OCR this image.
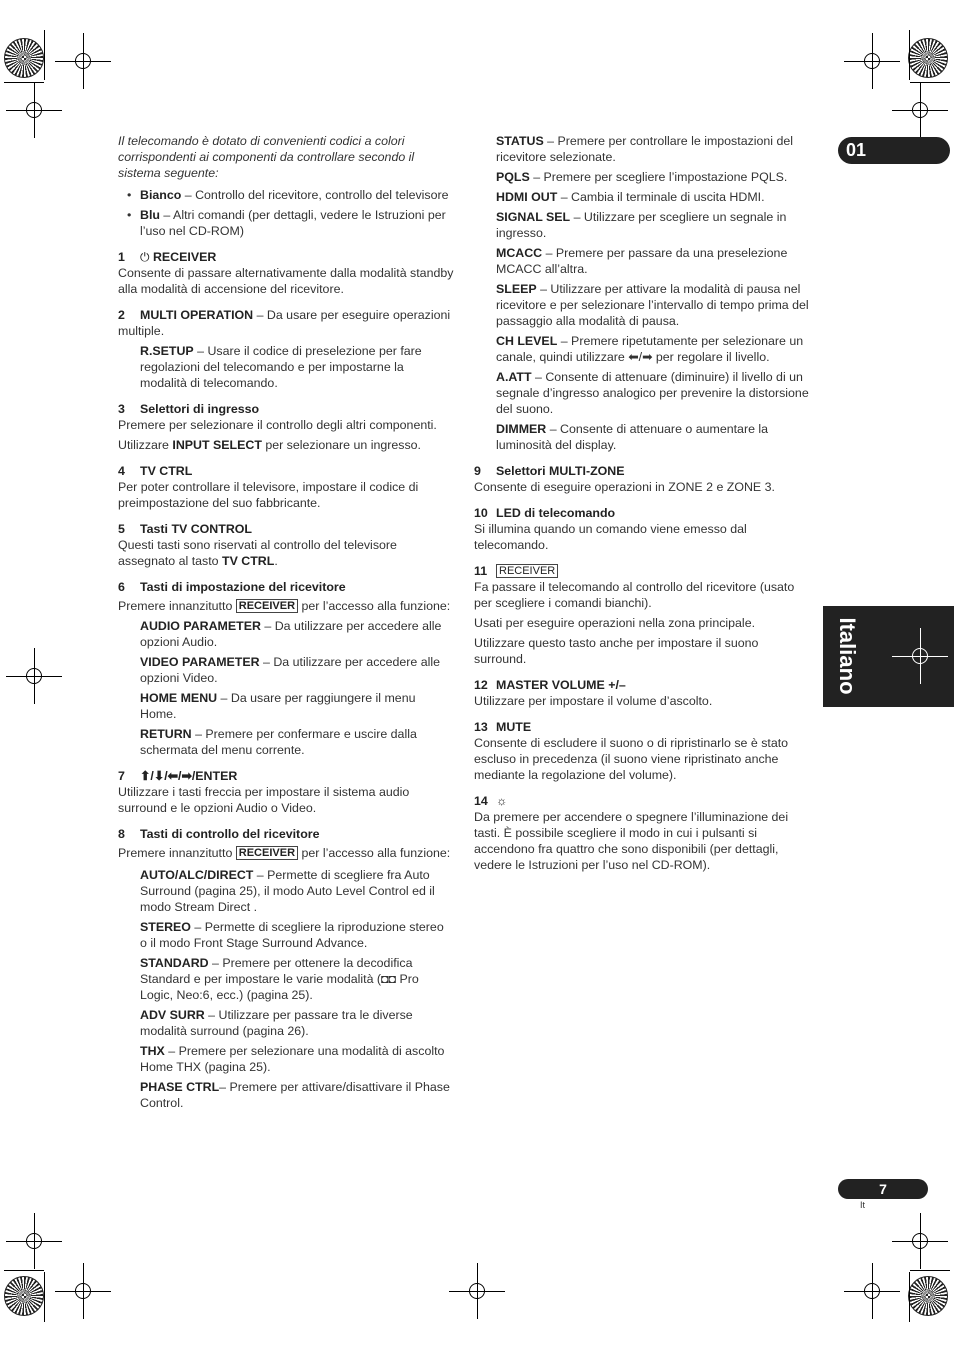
01
Italiano
7
It

Il telecomando è dotato di convenienti codici a colori corrispondenti ai componenti da controllare secondo il sistema seguente:

• Bianco – Controllo del ricevitore, controllo del televisore
• Blu – Altri comandi (per dettagli, vedere le Istruzioni per l’uso nel CD-ROM)
1 ⏻ RECEIVER

Consente di passare alternativamente dalla modalità standby alla modalità di accensione del ricevitore.

2 MULTI OPERATION – Da usare per eseguire operazioni multiple.

R.SETUP – Usare il codice di preselezione per fare regolazioni del telecomando e per impostarne la modalità di telecomando.

3 Selettori di ingresso

Premere per selezionare il controllo degli altri componenti.

Utilizzare INPUT SELECT per selezionare un ingresso.

4 TV CTRL

Per poter controllare il televisore, impostare il codice di preimpostazione del suo fabbricante.

5 Tasti TV CONTROL

Questi tasti sono riservati al controllo del televisore assegnato al tasto TV CTRL.

6 Tasti di impostazione del ricevitore

Premere innanzitutto RECEIVER per l’accesso alla funzione:

AUDIO PARAMETER – Da utilizzare per accedere alle opzioni Audio.

VIDEO PARAMETER – Da utilizzare per accedere alle opzioni Video.

HOME MENU – Da usare per raggiungere il menu Home.

RETURN – Premere per confermare e uscire dalla schermata del menu corrente.

7 ⬆/⬇/⬅/➡/ENTER

Utilizzare i tasti freccia per impostare il sistema audio surround e le opzioni Audio o Video.

8 Tasti di controllo del ricevitore

Premere innanzitutto RECEIVER per l’accesso alla funzione:

AUTO/ALC/DIRECT – Permette di scegliere fra Auto Surround (pagina 25), il modo Auto Level Control ed il modo Stream Direct .

STEREO – Permette di scegliere la riproduzione stereo o il modo Front Stage Surround Advance.

STANDARD – Premere per ottenere la decodifica Standard e per impostare le varie modalità (◘◘ Pro Logic, Neo:6, ecc.) (pagina 25).

ADV SURR – Utilizzare per passare tra le diverse modalità surround (pagina 26).

THX – Premere per selezionare una modalità di ascolto Home THX (pagina 25).

PHASE CTRL– Premere per attivare/disattivare il Phase Control.

STATUS – Premere per controllare le impostazioni del ricevitore selezionate.

PQLS – Premere per scegliere l’impostazione PQLS.

HDMI OUT – Cambia il terminale di uscita HDMI.

SIGNAL SEL – Utilizzare per scegliere un segnale in ingresso.

MCACC – Premere per passare da una preselezione MCACC all’altra.

SLEEP – Utilizzare per attivare la modalità di pausa nel ricevitore e per selezionare l’intervallo di tempo prima del passaggio alla modalità di pausa.

CH LEVEL – Premere ripetutamente per selezionare un canale, quindi utilizzare ⬅/➡ per regolare il livello.

A.ATT – Consente di attenuare (diminuire) il livello di un segnale d’ingresso analogico per prevenire la distorsione del suono.

DIMMER – Consente di attenuare o aumentare la luminosità del display.

9 Selettori MULTI-ZONE

Consente di eseguire operazioni in ZONE 2 e ZONE 3.

10 LED di telecomando

Si illumina quando un comando viene emesso dal telecomando.

11 RECEIVER

Fa passare il telecomando al controllo del ricevitore (usato per scegliere i comandi bianchi).

Usati per eseguire operazioni nella zona principale.

Utilizzare questo tasto anche per impostare il suono surround.

12 MASTER VOLUME +/–

Utilizzare per impostare il volume d’ascolto.

13 MUTE

Consente di escludere il suono o di ripristinarlo se è stato escluso in precedenza (il suono viene ripristinato anche mediante la regolazione del volume).

14 ☼

Da premere per accendere o spegnere l’illuminazione dei tasti. È possibile scegliere il modo in cui i pulsanti si accendono fra quattro che sono disponibili (per dettagli, vedere le Istruzioni per l’uso nel CD-ROM).
